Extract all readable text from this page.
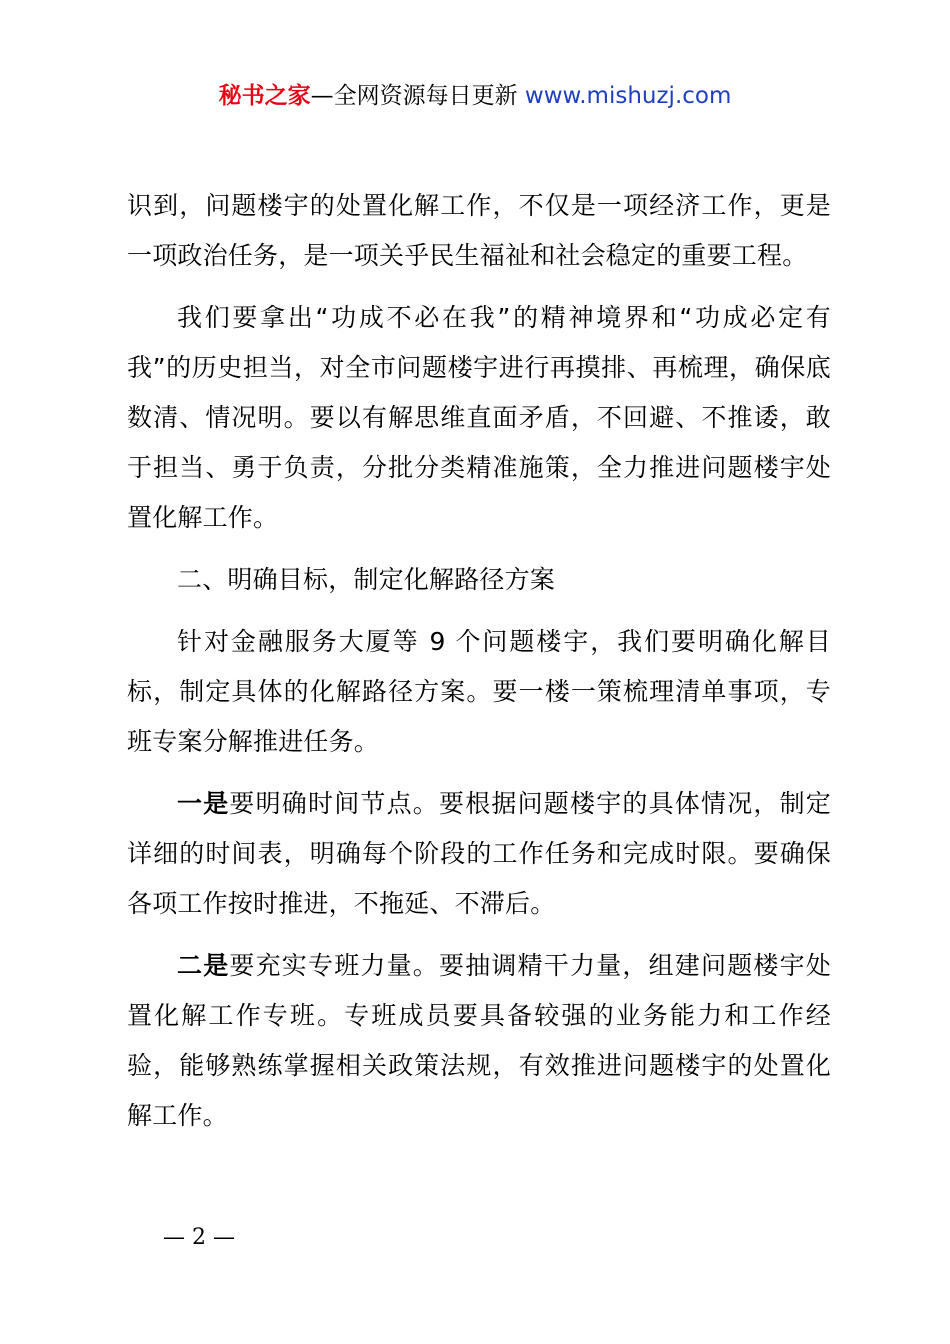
秘书之家—全网资源每日更新 www.mishuzj.com

识到，问题楼宇的处置化解工作，不仅是一项经济工作，更是一项政治任务，是一项关乎民生福祉和社会稳定的重要工程。

我们要拿出“功成不必在我”的精神境界和“功成必定有我”的历史担当，对全市问题楼宇进行再摸排、再梳理，确保底数清、情况明。要以有解思维直面矛盾，不回避、不推诿，敢于担当、勇于负责，分批分类精准施策，全力推进问题楼宇处置化解工作。

二、明确目标，制定化解路径方案

针对金融服务大厦等 9 个问题楼宇，我们要明确化解目标，制定具体的化解路径方案。要一楼一策梳理清单事项，专班专案分解推进任务。

一是要明确时间节点。要根据问题楼宇的具体情况，制定详细的时间表，明确每个阶段的工作任务和完成时限。要确保各项工作按时推进，不拖延、不滞后。

二是要充实专班力量。要抽调精干力量，组建问题楼宇处置化解工作专班。专班成员要具备较强的业务能力和工作经验，能够熟练掌握相关政策法规，有效推进问题楼宇的处置化解工作。

— 2 —
